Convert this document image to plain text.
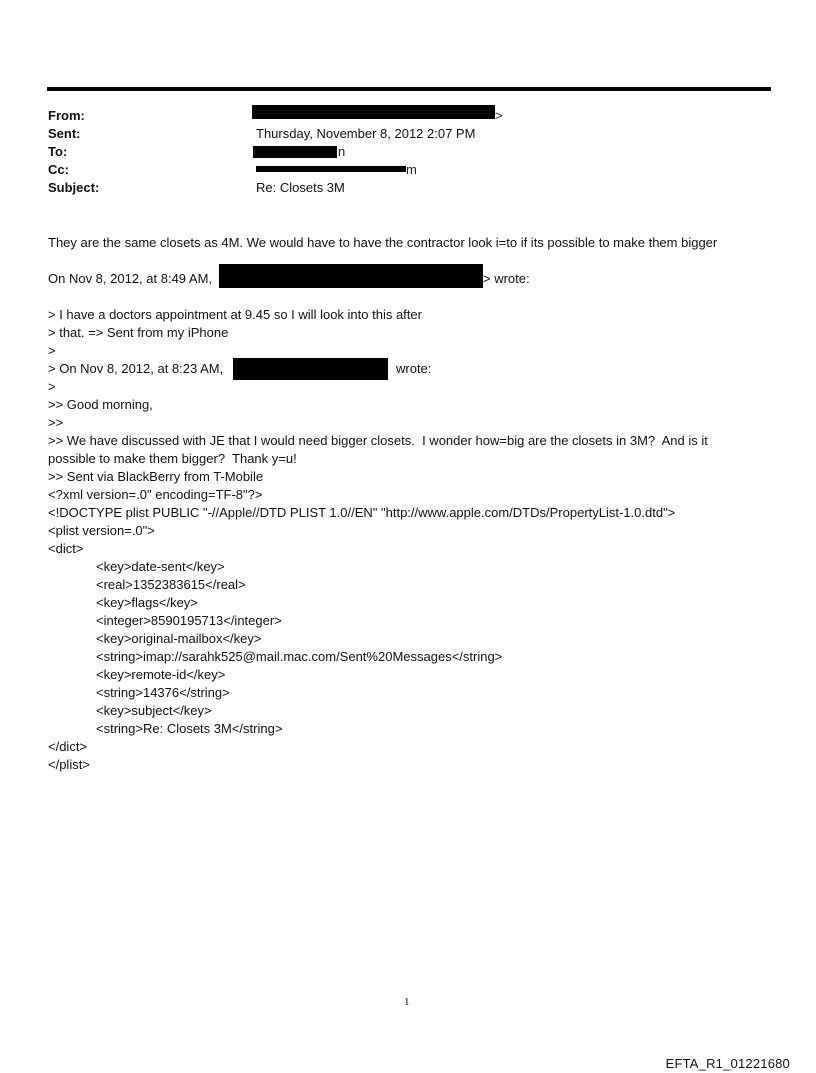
From:
Sent:
To:
Cc:
Subject:
>
Thursday, November 8, 2012 2:07 PM
n
m
Re: Closets 3M
They are the same closets as 4M. We would have to have the contractor look i=to if its possible to make them bigger
On Nov 8, 2012, at 8:49 AM,	> wrote:
> I have a doctors appointment at 9.45 so I will look into this after
> that. => Sent from my iPhone
>
> On Nov 8, 2012, at 8:23 AM,	wrote:
>
>> Good morning,
>>
>> We have discussed with JE that I would need bigger closets.  I wonder how=big are the closets in 3M?  And is it
possible to make them bigger?  Thank y=u!
>> Sent via BlackBerry from T-Mobile
<?xml version=.0" encoding=TF-8"?>
<!DOCTYPE plist PUBLIC "-//Apple//DTD PLIST 1.0//EN" "http://www.apple.com/DTDs/PropertyList-1.0.dtd">
<plist version=.0">
<dict>
<key>date-sent</key>
<real>1352383615</real>
<key>flags</key>
<integer>8590195713</integer>
<key>original-mailbox</key>
<string>imap://sarahk525@mail.mac.com/Sent%20Messages</string>
<key>remote-id</key>
<string>14376</string>
<key>subject</key>
<string>Re: Closets 3M</string>
</dict>
</plist>
1
EFTA_R1_01221680
